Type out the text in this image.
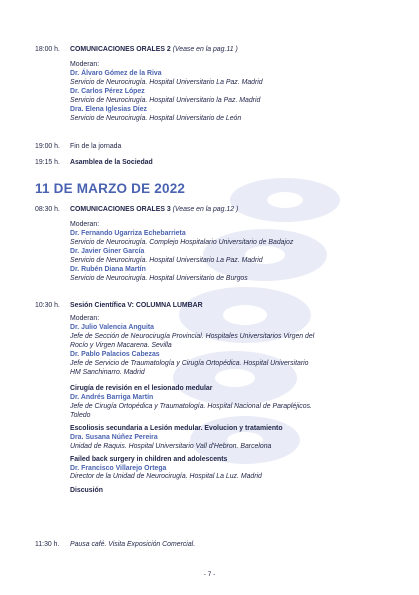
18:00 h.	COMUNICACIONES ORALES 2 (Vease en la pag.11 )
Moderan:
Dr. Álvaro Gómez de la Riva
Servicio de Neurocirugía. Hospital Universitario La Paz. Madrid
Dr. Carlos Pérez López
Servicio de Neurocirugía. Hospital Universitario la Paz. Madrid
Dra. Elena Iglesias Díez
Servicio de Neurocirugía. Hospital Universitario de León
19:00 h.	Fin de la jornada
19:15 h.	Asamblea de la Sociedad
11 DE MARZO DE 2022
08:30 h.	COMUNICACIONES ORALES 3 (Vease en la pag.12 )
Moderan:
Dr. Fernando Ugarriza Echebarrieta
Servicio de Neurocirugía. Complejo Hospitalario Universitario de Badajoz
Dr. Javier Giner García
Servicio de Neurocirugía. Hospital Universitario La Paz. Madrid
Dr. Rubén Diana Martín
Servicio de Neurocirugía. Hospital Universitario de Burgos
10:30 h.	Sesión Científica V: COLUMNA LUMBAR
Moderan:
Dr. Julio Valencia Anguita
Jefe de Sección de Neurocirugía Provincial. Hospitales Universitarios Virgen del
Rocío y Virgen Macarena. Sevilla
Dr. Pablo Palacios Cabezas
Jefe de Servicio de Traumatología y Cirugía Ortopédica. Hospital Universitario
HM Sanchinarro. Madrid
Cirugía de revisión en el lesionado medular
Dr. Andrés Barriga Martín
Jefe de Cirugía Ortopédica y Traumatología. Hospital Nacional de Parapléjicos.
Toledo
Escoliosis secundaria a Lesión medular. Evolucion y tratamiento
Dra. Susana Núñez Pereira
Unidad de Raquis. Hospital Universitario Vall d'Hebron. Barcelona
Failed back surgery in children and adolescents
Dr. Francisco Villarejo Ortega
Director de la Unidad de Neurocirugía. Hospital La Luz. Madrid
Discusión
11:30 h.	Pausa café. Visita Exposición Comercial.
- 7 -
